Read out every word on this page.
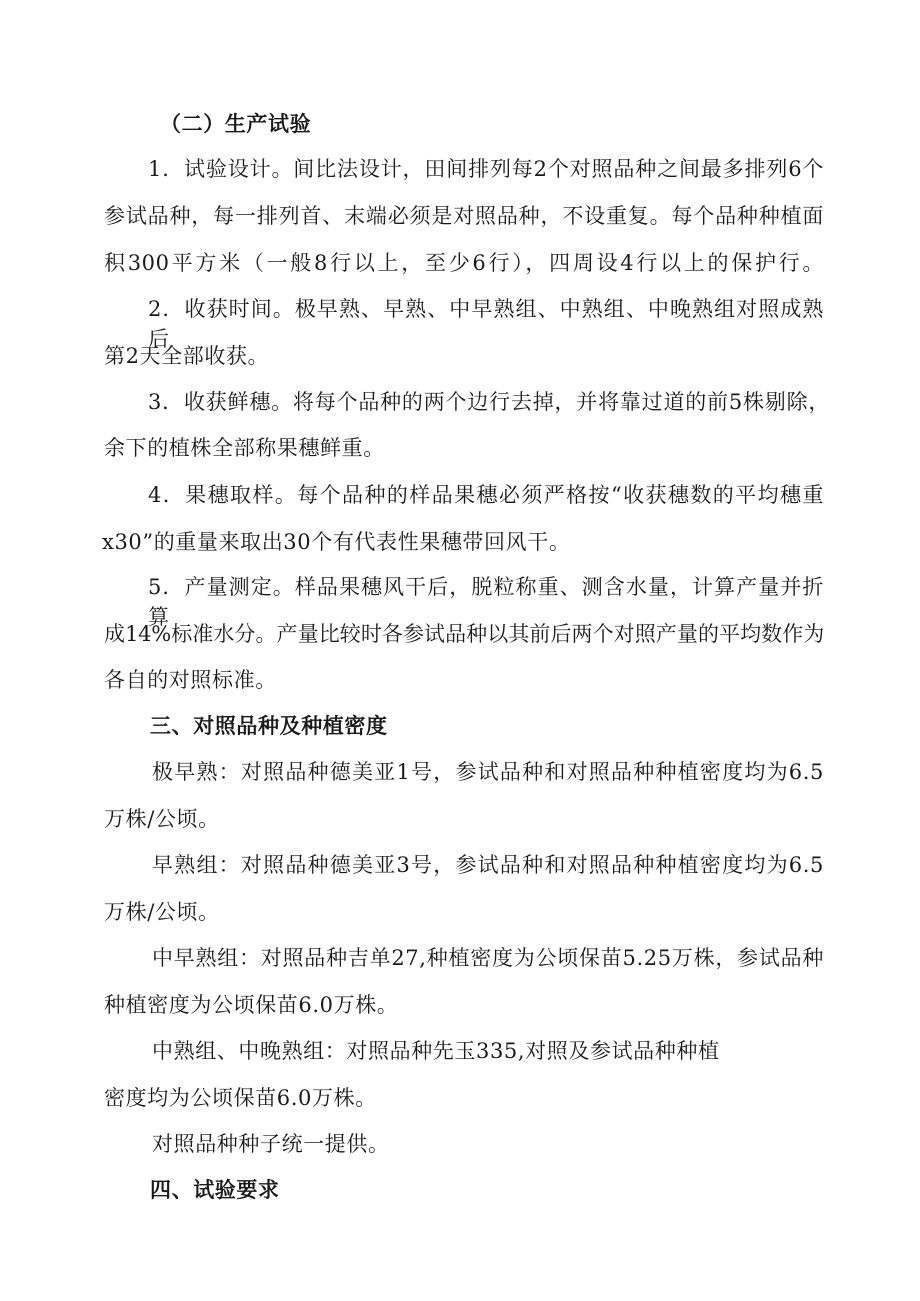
（二）生产试验

1．试验设计。间比法设计，田间排列每2个对照品种之间最多排列6个

参试品种，每一排列首、末端必须是对照品种，不设重复。每个品种种植面

积300平方米（一般8行以上，至少6行），四周设4行以上的保护行。

2．收获时间。极早熟、早熟、中早熟组、中熟组、中晚熟组对照成熟后

第2天全部收获。

3．收获鲜穗。将每个品种的两个边行去掉，并将靠过道的前5株剔除，

余下的植株全部称果穗鲜重。

4．果穗取样。每个品种的样品果穗必须严格按“收获穗数的平均穗重

x30”的重量来取出30个有代表性果穗带回风干。

5．产量测定。样品果穗风干后，脱粒称重、测含水量，计算产量并折算

成14%标准水分。产量比较时各参试品种以其前后两个对照产量的平均数作为

各自的对照标准。

三、对照品种及种植密度

极早熟：对照品种德美亚1号，参试品种和对照品种种植密度均为6.5

万株/公顷。

早熟组：对照品种德美亚3号，参试品种和对照品种种植密度均为6.5

万株/公顷。

中早熟组：对照品种吉单27,种植密度为公顷保苗5.25万株，参试品种

种植密度为公顷保苗6.0万株。

中熟组、中晚熟组：对照品种先玉335,对照及参试品种种植

密度均为公顷保苗6.0万株。

对照品种种子统一提供。

四、试验要求
